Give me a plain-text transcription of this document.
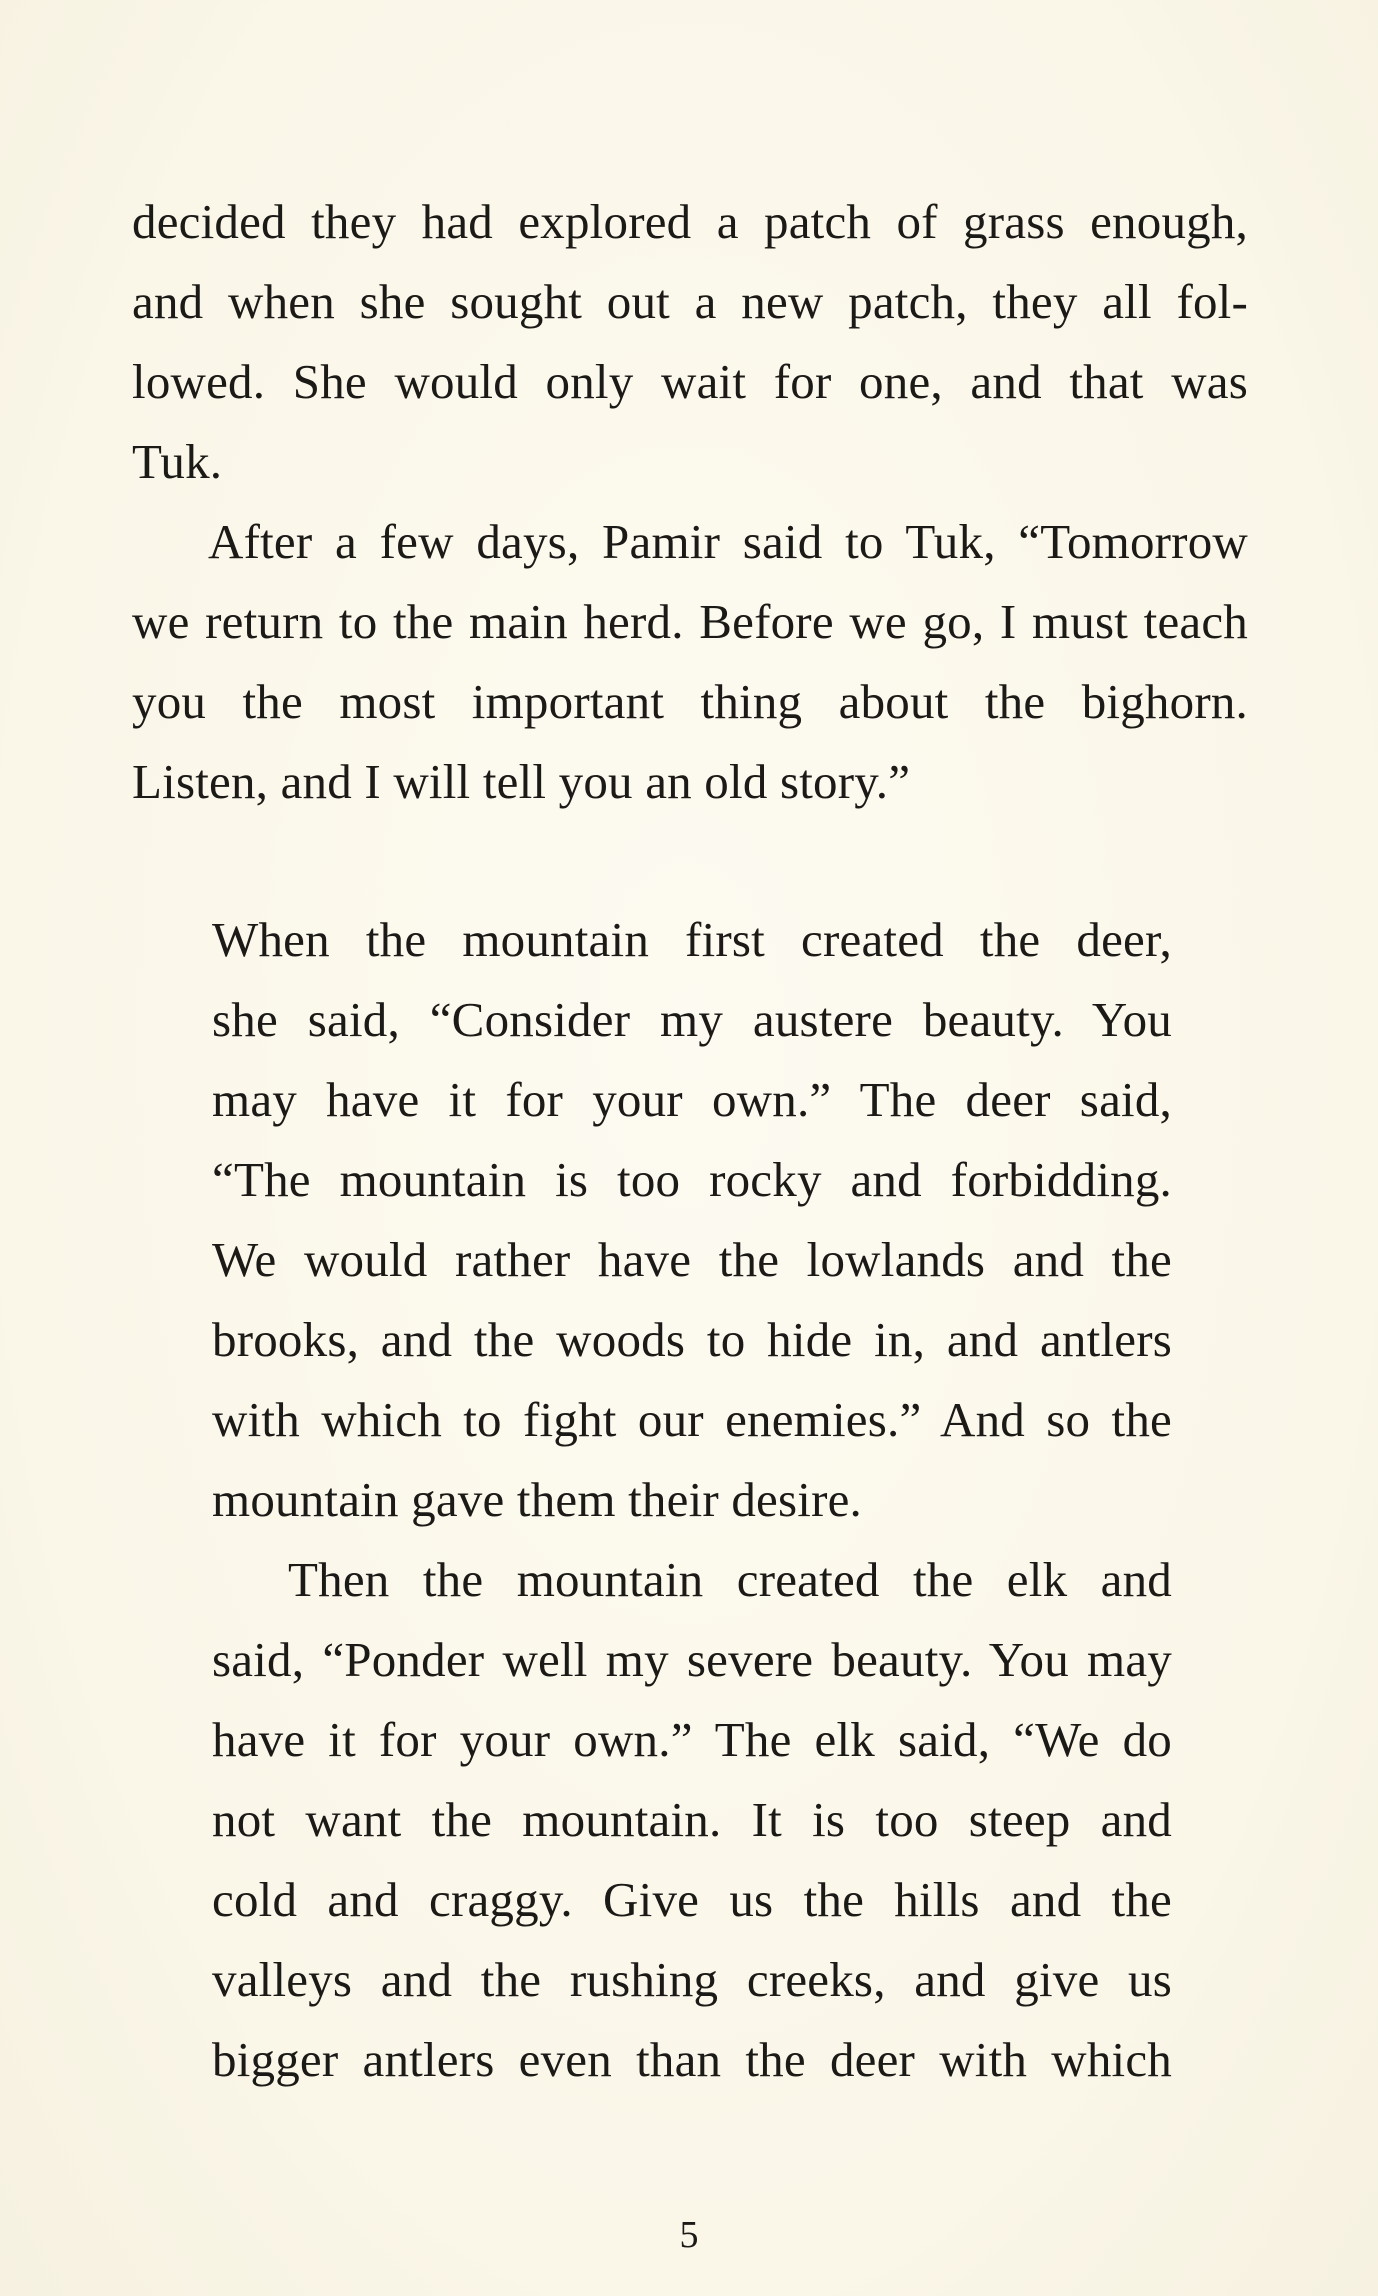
decided they had explored a patch of grass enough,
and when she sought out a new patch, they all fol-
lowed. She would only wait for one, and that was
Tuk.
After a few days, Pamir said to Tuk, “Tomorrow
we return to the main herd. Before we go, I must teach
you the most important thing about the bighorn.
Listen, and I will tell you an old story.”
When the mountain first created the deer,
she said, “Consider my austere beauty. You
may have it for your own.” The deer said,
“The mountain is too rocky and forbidding.
We would rather have the lowlands and the
brooks, and the woods to hide in, and antlers
with which to fight our enemies.” And so the
mountain gave them their desire.
Then the mountain created the elk and
said, “Ponder well my severe beauty. You may
have it for your own.” The elk said, “We do
not want the mountain. It is too steep and
cold and craggy. Give us the hills and the
valleys and the rushing creeks, and give us
bigger antlers even than the deer with which
5
